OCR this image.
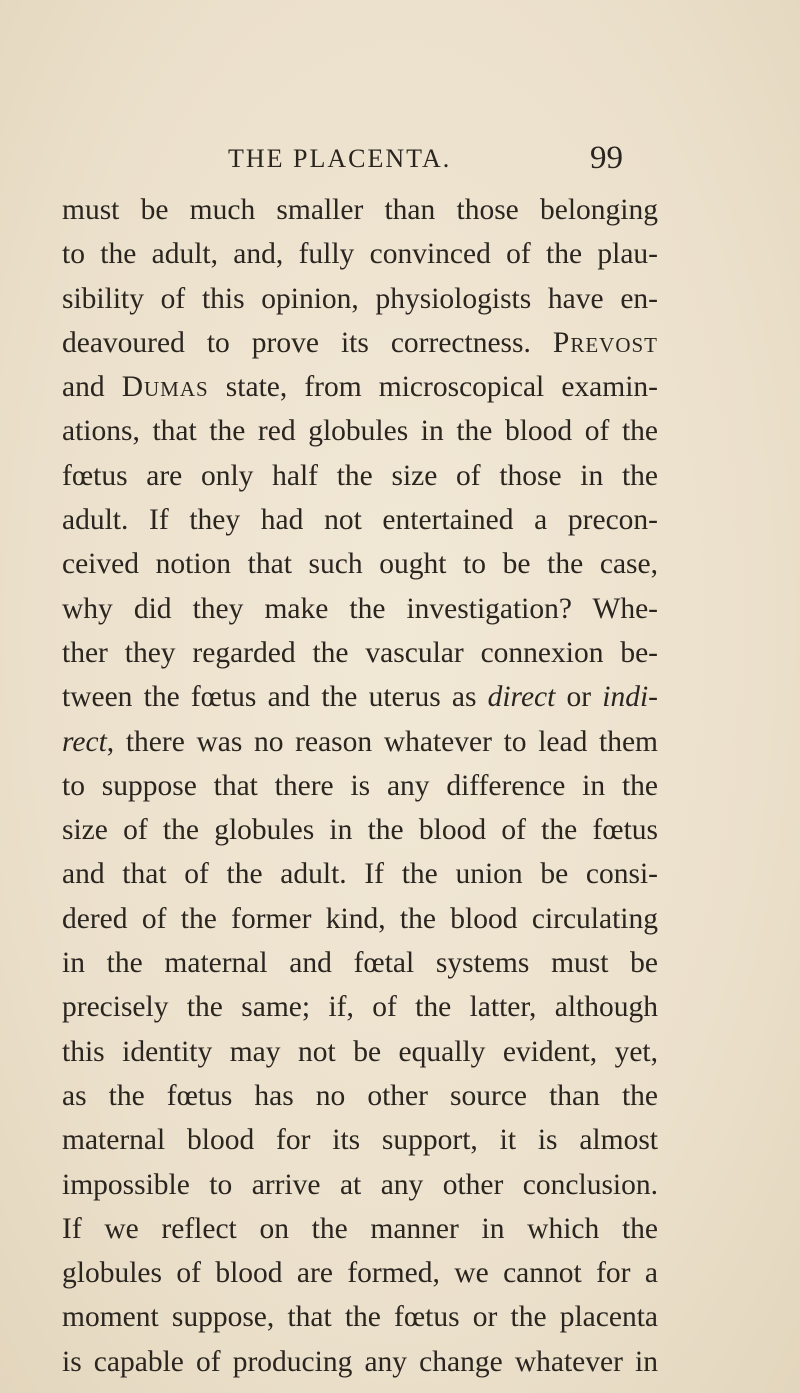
THE PLACENTA.	99
must be much smaller than those belonging
to the adult, and, fully convinced of the plau-
sibility of this opinion, physiologists have en-
deavoured to prove its correctness. Prevost
and Dumas state, from microscopical examin-
ations, that the red globules in the blood of the
fœtus are only half the size of those in the
adult. If they had not entertained a precon-
ceived notion that such ought to be the case,
why did they make the investigation? Whe-
ther they regarded the vascular connexion be-
tween the fœtus and the uterus as direct or indi-
rect, there was no reason whatever to lead them
to suppose that there is any difference in the
size of the globules in the blood of the fœtus
and that of the adult. If the union be consi-
dered of the former kind, the blood circulating
in the maternal and fœtal systems must be
precisely the same; if, of the latter, although
this identity may not be equally evident, yet,
as the fœtus has no other source than the
maternal blood for its support, it is almost
impossible to arrive at any other conclusion.
If we reflect on the manner in which the
globules of blood are formed, we cannot for a
moment suppose, that the fœtus or the placenta
is capable of producing any change whatever in
